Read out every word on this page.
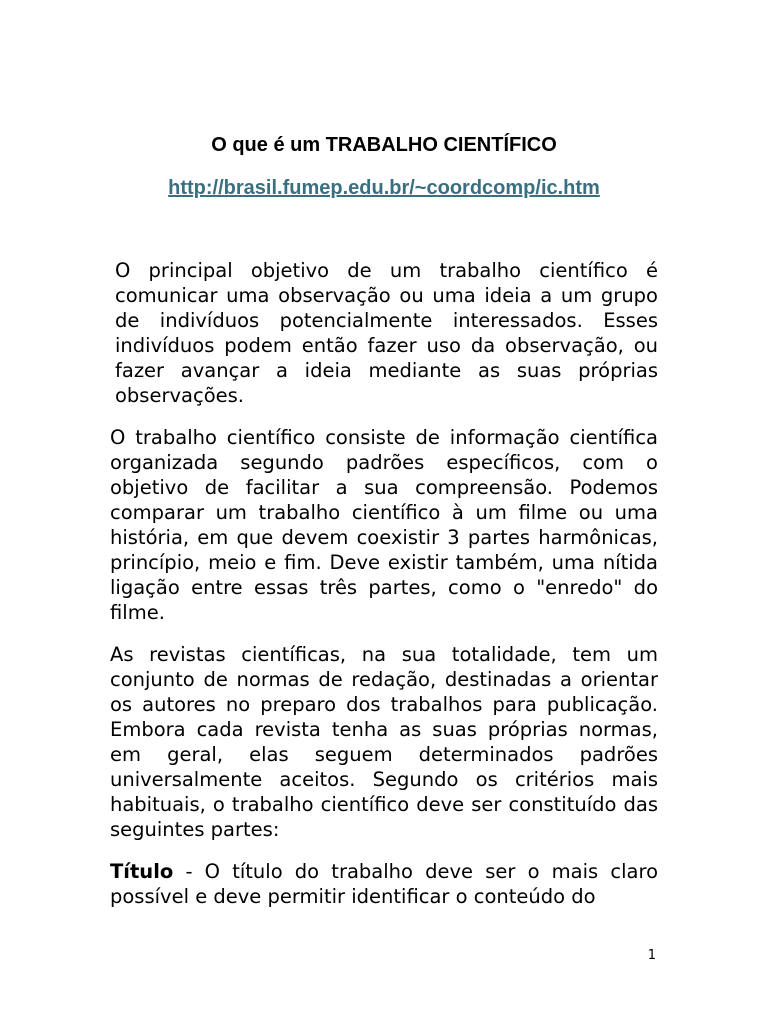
O que é um TRABALHO CIENTÍFICO
http://brasil.fumep.edu.br/~coordcomp/ic.htm

O principal objetivo de um trabalho científico é comunicar uma observação ou uma ideia a um grupo de indivíduos potencialmente interessados. Esses indivíduos podem então fazer uso da observação, ou fazer avançar a ideia mediante as suas próprias observações.

O trabalho científico consiste de informação científica organizada segundo padrões específicos, com o objetivo de facilitar a sua compreensão. Podemos comparar um trabalho científico à um filme ou uma história, em que devem coexistir 3 partes harmônicas, princípio, meio e fim. Deve existir também, uma nítida ligação entre essas três partes, como o "enredo" do filme.

As revistas científicas, na sua totalidade, tem um conjunto de normas de redação, destinadas a orientar os autores no preparo dos trabalhos para publicação. Embora cada revista tenha as suas próprias normas, em geral, elas seguem determinados padrões universalmente aceitos. Segundo os critérios mais habituais, o trabalho científico deve ser constituído das seguintes partes:

Título - O título do trabalho deve ser o mais claro possível e deve permitir identificar o conteúdo do

1
